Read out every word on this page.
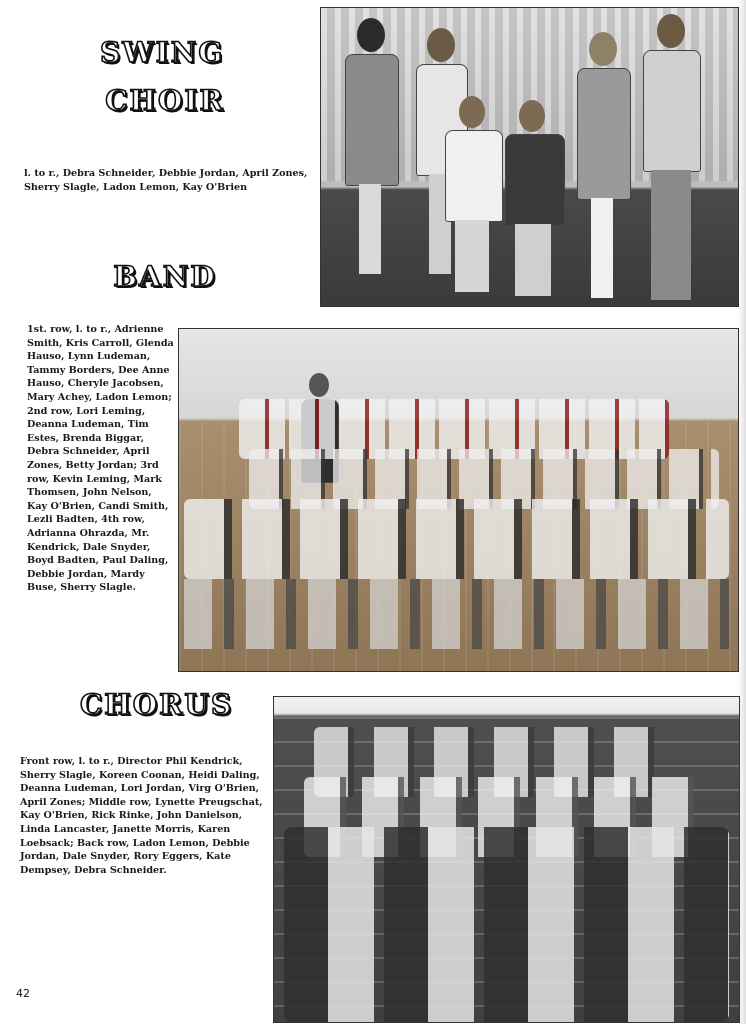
SWING
CHOIR
l. to r., Debra Schneider, Debbie Jordan, April Zones, Sherry Slagle, Ladon Lemon, Kay O'Brien
BAND
1st. row, l. to r., Adrienne Smith, Kris Carroll, Glenda Hauso, Lynn Ludeman, Tammy Borders, Dee Anne Hauso, Cheryle Jacobsen, Mary Achey, Ladon Lemon; 2nd row, Lori Leming, Deanna Ludeman, Tim Estes, Brenda Biggar, Debra Schneider, April Zones, Betty Jordan; 3rd row, Kevin Leming, Mark Thomsen, John Nelson, Kay O'Brien, Candi Smith, Lezli Badten, 4th row, Adrianna Ohrazda, Mr. Kendrick, Dale Snyder, Boyd Badten, Paul Daling, Debbie Jordan, Mardy Buse, Sherry Slagle.
CHORUS
Front row, l. to r., Director Phil Kendrick, Sherry Slagle, Koreen Coonan, Heidi Daling, Deanna Ludeman, Lori Jordan, Virg O'Brien, April Zones; Middle row, Lynette Preugschat, Kay O'Brien, Rick Rinke, John Danielson, Linda Lancaster, Janette Morris, Karen Loebsack; Back row, Ladon Lemon, Debbie Jordan, Dale Snyder, Rory Eggers, Kate Dempsey, Debra Schneider.
42
